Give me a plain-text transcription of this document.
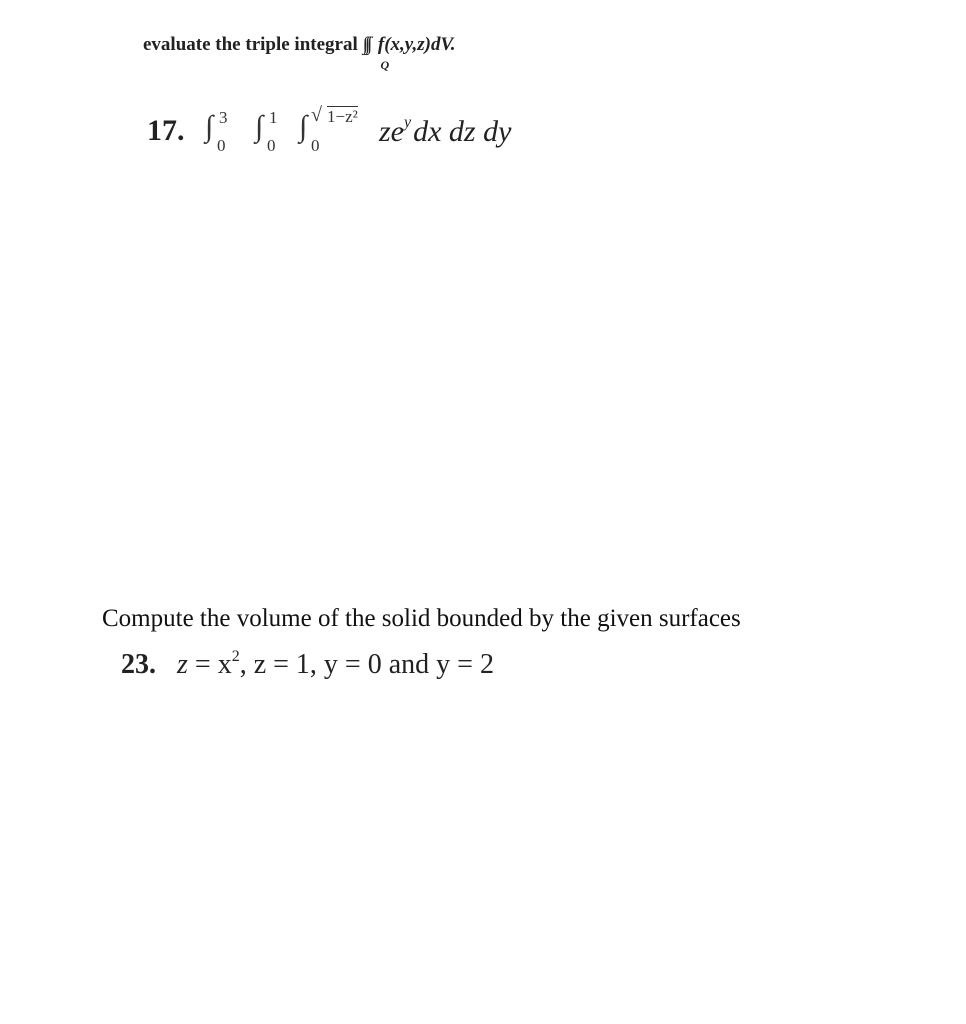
evaluate the triple integral ∫∫∫
Q
f(x,y,z)dV.
17. ∫ 3
0
∫ 1
0
∫ √ 1−z²
0 $ze^ydx$ dz dy
Compute the volume of the solid bounded by the given surfaces
23. $z = x^2$, z = 1, y = 0 and y = 2
